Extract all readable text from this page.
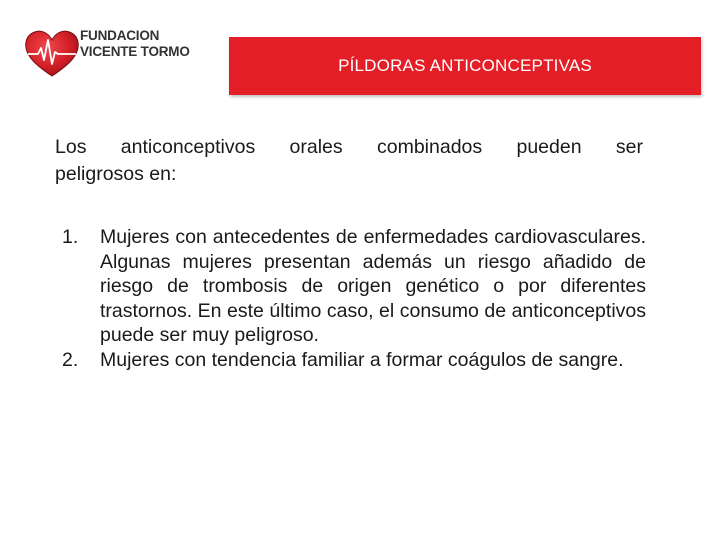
FUNDACION
VICENTE TORMO
PÍLDORAS ANTICONCEPTIVAS
Los anticonceptivos orales combinados pueden ser
peligrosos en:
1. Mujeres con antecedentes de enfermedades cardiovasculares. Algunas mujeres presentan además un riesgo añadido de riesgo de trombosis de origen genético o por diferentes trastornos. En este último caso, el consumo de anticonceptivos puede ser muy peligroso.
2. Mujeres con tendencia familiar a formar coágulos de sangre.
